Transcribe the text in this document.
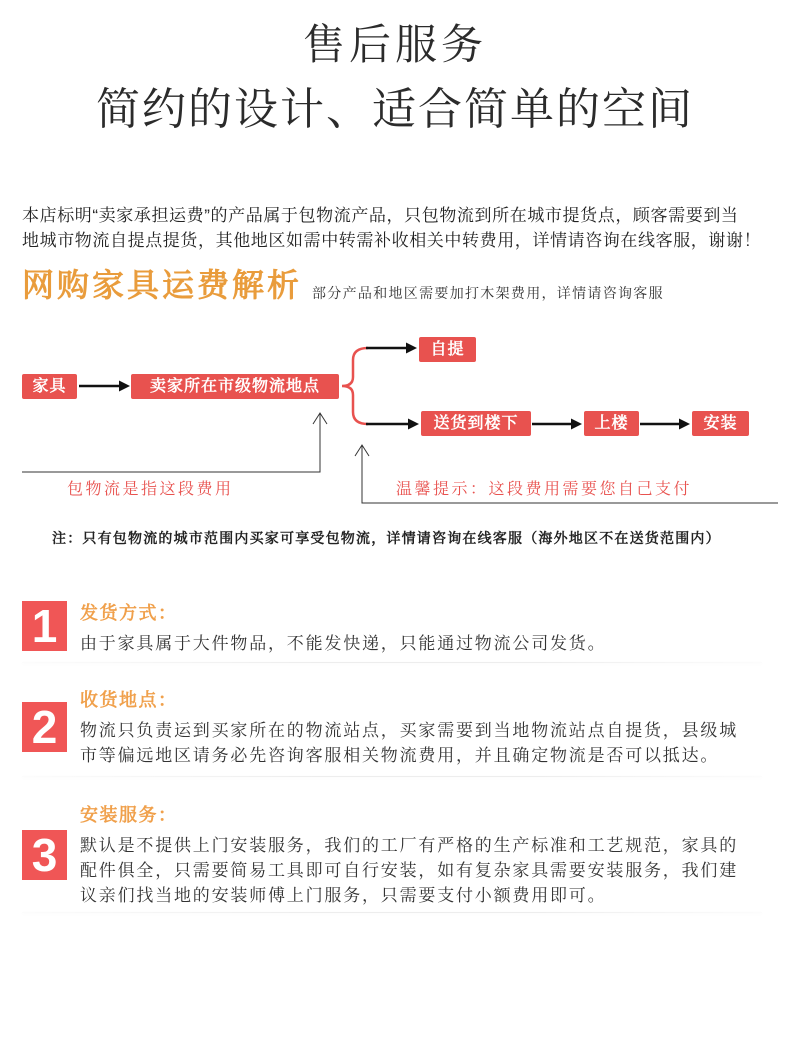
售后服务
简约的设计、适合简单的空间
本店标明“卖家承担运费”的产品属于包物流产品，只包物流到所在城市提货点，顾客需要到当
地城市物流自提点提货，其他地区如需中转需补收相关中转费用，详情请咨询在线客服，谢谢！
网购家具运费解析 部分产品和地区需要加打木架费用，详情请咨询客服
家具	卖家所在市级物流地点
自提
送货到楼下	上楼	安装
包物流是指这段费用	温馨提示：这段费用需要您自己支付
注：只有包物流的城市范围内买家可享受包物流，详情请咨询在线客服（海外地区不在送货范围内）
1	发货方式：
由于家具属于大件物品，不能发快递，只能通过物流公司发货。
收货地点：
2	物流只负责运到买家所在的物流站点，买家需要到当地物流站点自提货，县级城
市等偏远地区请务必先咨询客服相关物流费用，并且确定物流是否可以抵达。
安装服务：
3	默认是不提供上门安装服务，我们的工厂有严格的生产标准和工艺规范，家具的
配件俱全，只需要简易工具即可自行安装，如有复杂家具需要安装服务，我们建
议亲们找当地的安装师傅上门服务，只需要支付小额费用即可。
